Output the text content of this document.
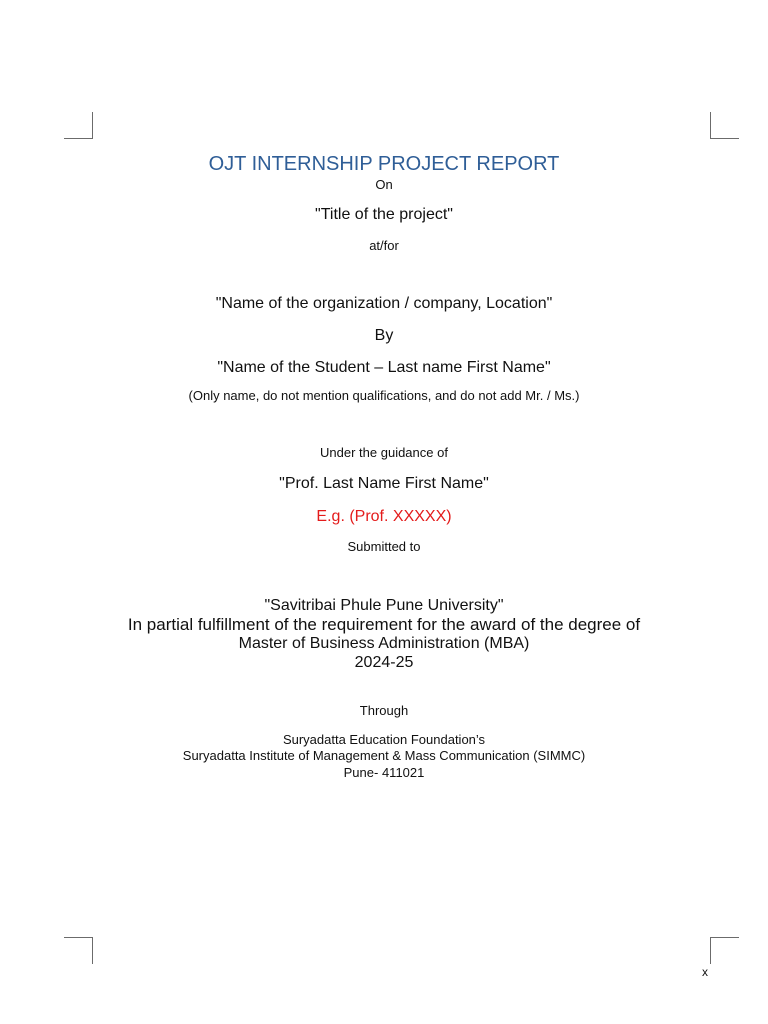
OJT INTERNSHIP PROJECT REPORT
On
"Title of the project"
at/for
"Name of the organization / company, Location"
By
"Name of the Student – Last name First Name"
(Only name, do not mention qualifications, and do not add Mr. / Ms.)
Under the guidance of
"Prof. Last Name First Name"
E.g. (Prof. XXXXX)
Submitted to
"Savitribai Phule Pune University"
In partial fulfillment of the requirement for the award of the degree of
Master of Business Administration (MBA)
2024-25
Through
Suryadatta Education Foundation’s
Suryadatta Institute of Management & Mass Communication (SIMMC)
Pune- 411021
x
